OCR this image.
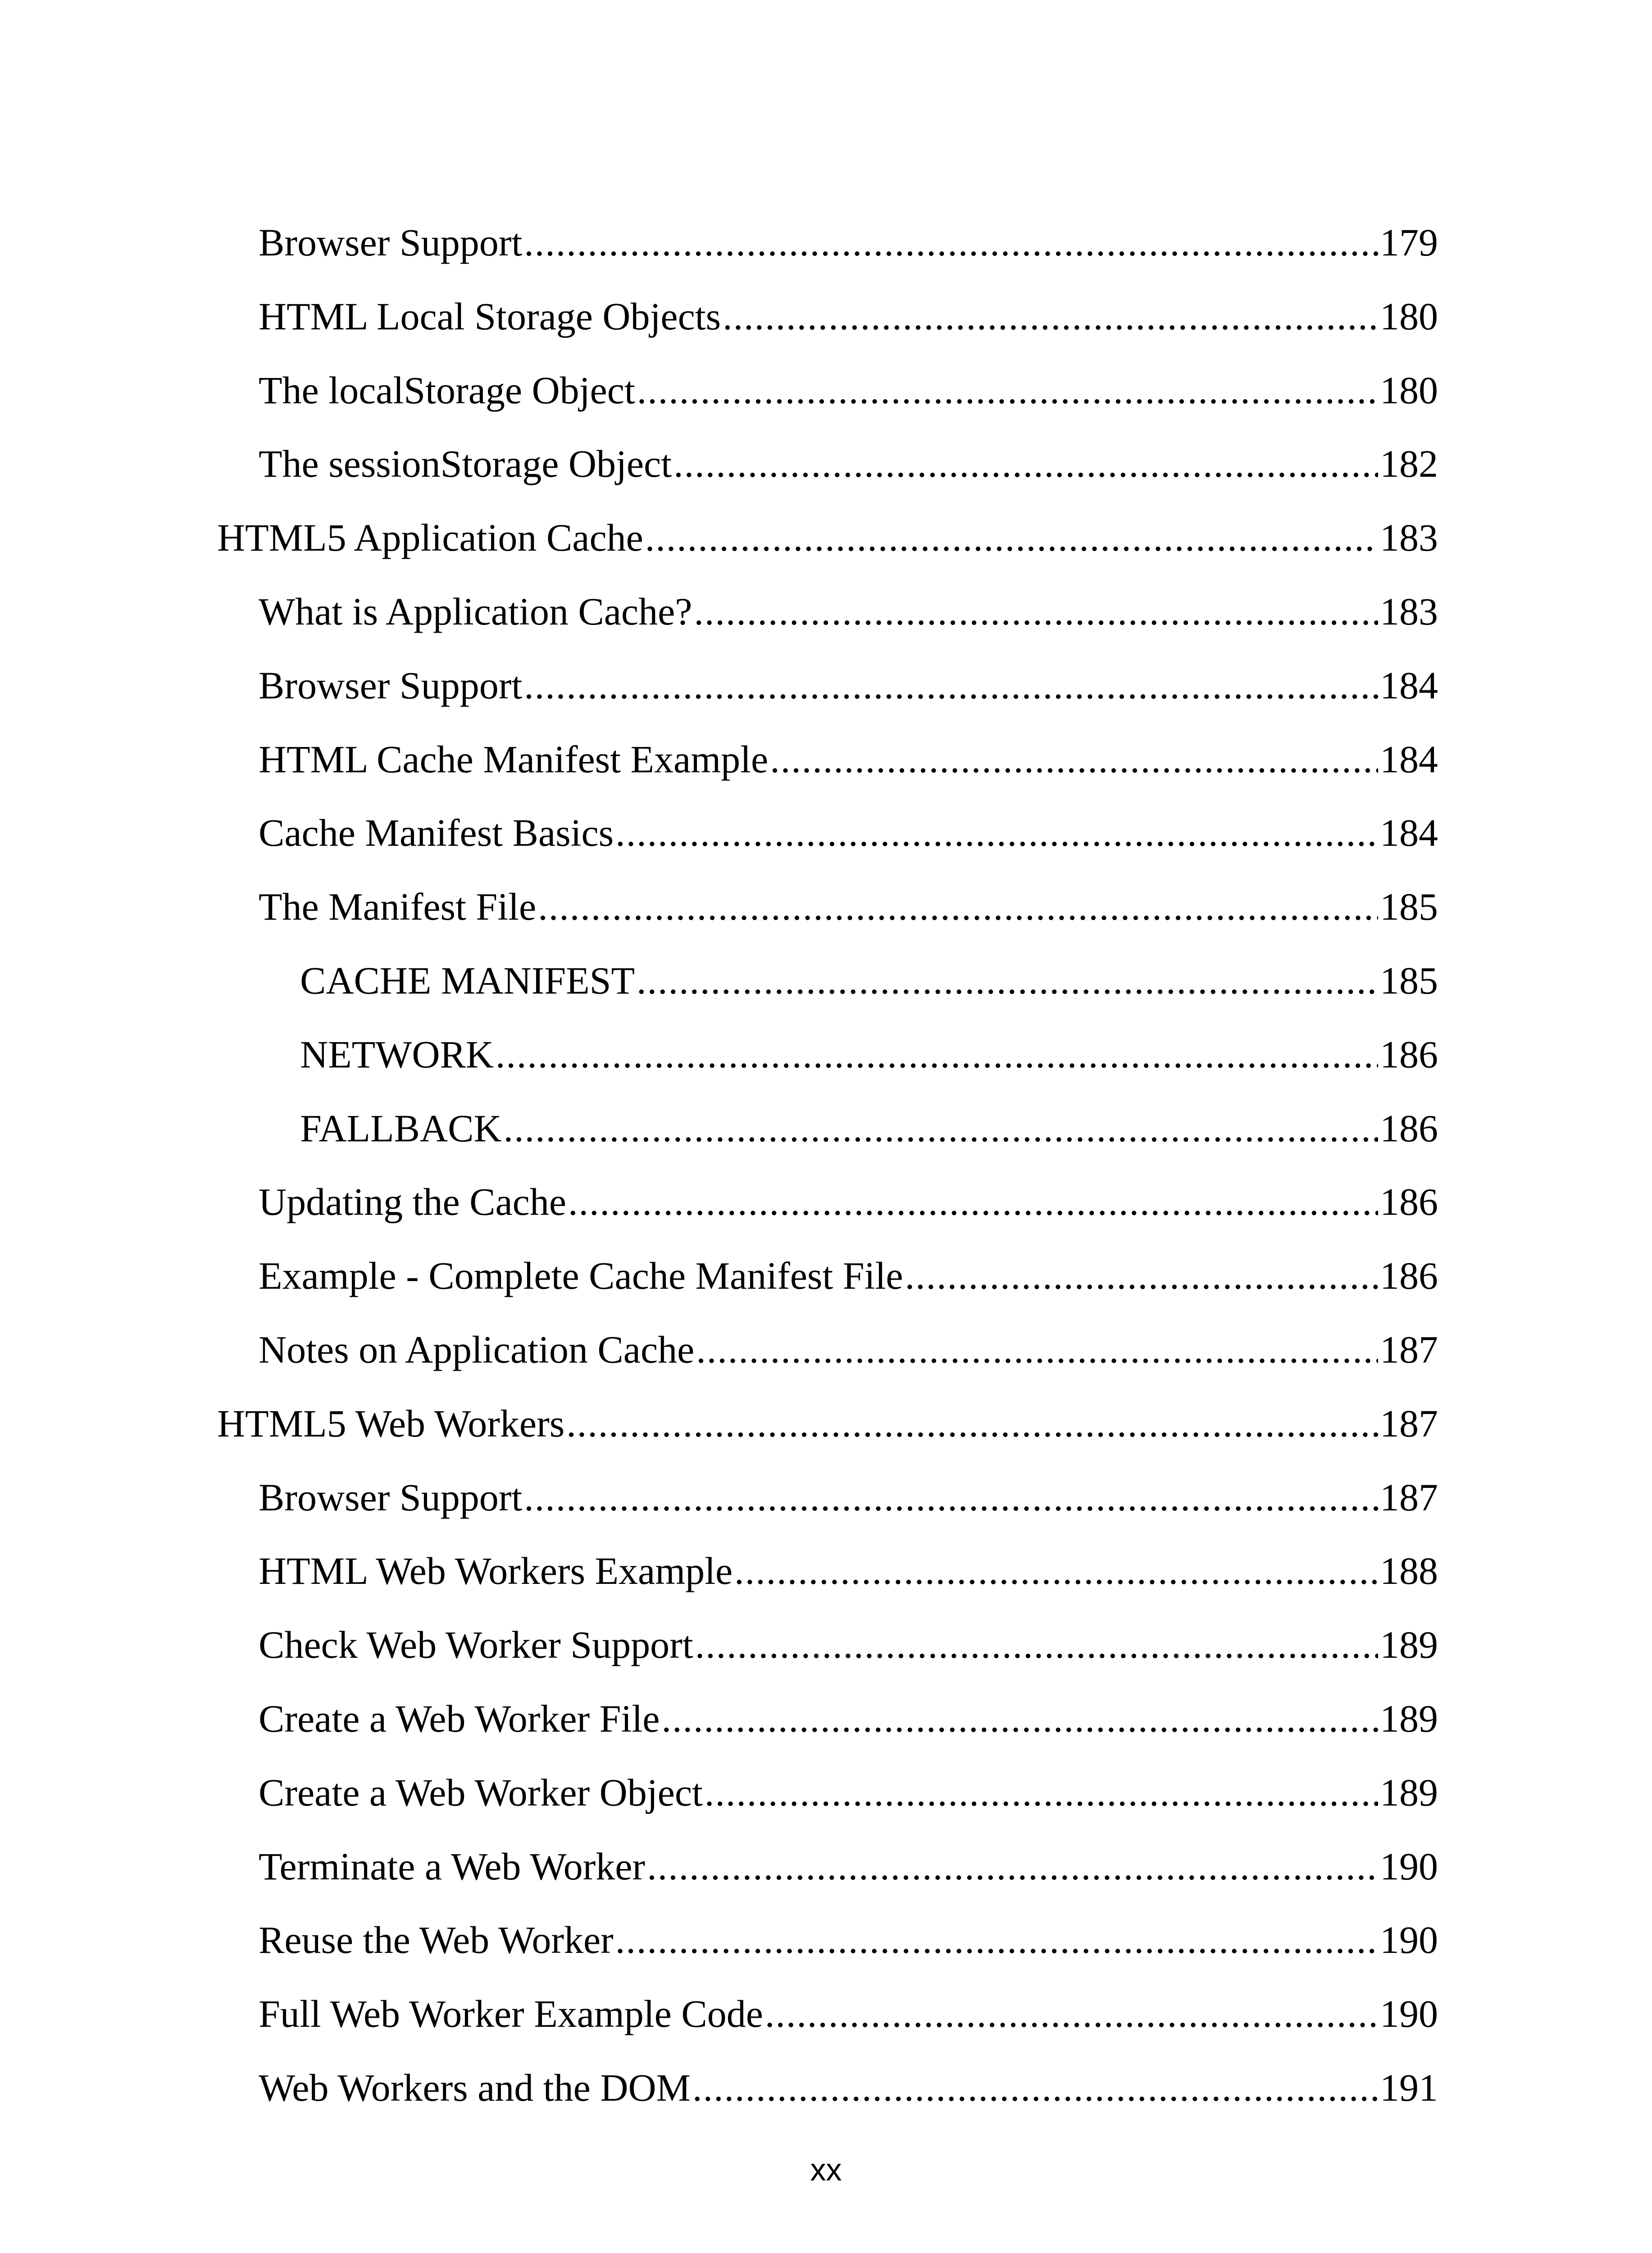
Browser Support .....	179
HTML Local Storage Objects .....	180
The localStorage Object .....	180
The sessionStorage Object .....	182
HTML5 Application Cache .....	183
What is Application Cache? .....	183
Browser Support .....	184
HTML Cache Manifest Example .....	184
Cache Manifest Basics .....	184
The Manifest File .....	185
CACHE MANIFEST .....	185
NETWORK .....	186
FALLBACK .....	186
Updating the Cache .....	186
Example - Complete Cache Manifest File .....	186
Notes on Application Cache .....	187
HTML5 Web Workers .....	187
Browser Support .....	187
HTML Web Workers Example .....	188
Check Web Worker Support .....	189
Create a Web Worker File .....	189
Create a Web Worker Object .....	189
Terminate a Web Worker .....	190
Reuse the Web Worker .....	190
Full Web Worker Example Code .....	190
Web Workers and the DOM .....	191
xx
